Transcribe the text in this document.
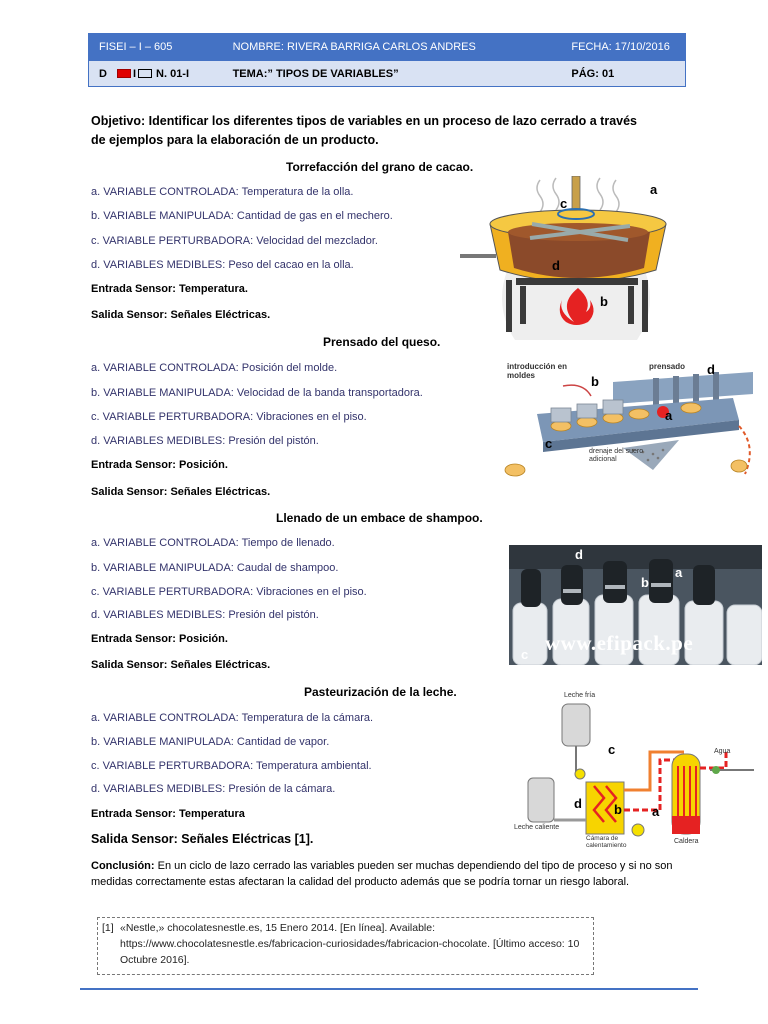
FISEI – I – 605	NOMBRE: RIVERA BARRIGA CARLOS ANDRES	FECHA: 17/10/2016
D I N. 01-I	TEMA:” TIPOS DE VARIABLES”	PÁG: 01
Objetivo: Identificar los diferentes tipos de variables en un proceso de lazo cerrado a través de ejemplos para la elaboración de un producto.
Torrefacción del grano de cacao.
a. VARIABLE CONTROLADA: Temperatura de la olla.
b. VARIABLE MANIPULADA: Cantidad de gas en el mechero.
c. VARIABLE PERTURBADORA: Velocidad del mezclador.
d. VARIABLES MEDIBLES: Peso del cacao en la olla.
Entrada Sensor: Temperatura.
Salida Sensor: Señales Eléctricas.
a
b
c
d
Prensado del queso.
a. VARIABLE CONTROLADA: Posición del molde.
b. VARIABLE MANIPULADA: Velocidad de la banda transportadora.
c. VARIABLE PERTURBADORA: Vibraciones en el piso.
d. VARIABLES MEDIBLES: Presión del pistón.
Entrada Sensor: Posición.
Salida Sensor: Señales Eléctricas.
introducción en moldes
prensado
drenaje del suero adicional
a
b
c
d
Llenado de un embace de shampoo.
a. VARIABLE CONTROLADA: Tiempo de llenado.
b. VARIABLE MANIPULADA: Caudal de shampoo.
c. VARIABLE PERTURBADORA: Vibraciones en el piso.
d. VARIABLES MEDIBLES: Presión del pistón.
Entrada Sensor: Posición.
Salida Sensor: Señales Eléctricas.
www.efipack.pe
a
b
c
d
Pasteurización de la leche.
a. VARIABLE CONTROLADA: Temperatura de la cámara.
b. VARIABLE MANIPULADA: Cantidad de vapor.
c. VARIABLE PERTURBADORA: Temperatura ambiental.
d. VARIABLES MEDIBLES: Presión de la cámara.
Entrada Sensor: Temperatura
Salida Sensor: Señales Eléctricas [1].
Leche fría
Leche caliente
Cámara de calentamiento
Caldera
Agua
a
b
c
d
Conclusión: En un ciclo de lazo cerrado las variables pueden ser muchas dependiendo del tipo de proceso y si no son medidas correctamente estas afectaran la calidad del producto además que se podría tornar un riesgo laboral.
[1] «Nestle,» chocolatesnestle.es, 15 Enero 2014. [En línea]. Available: https://www.chocolatesnestle.es/fabricacion-curiosidades/fabricacion-chocolate. [Último acceso: 10 Octubre 2016].
